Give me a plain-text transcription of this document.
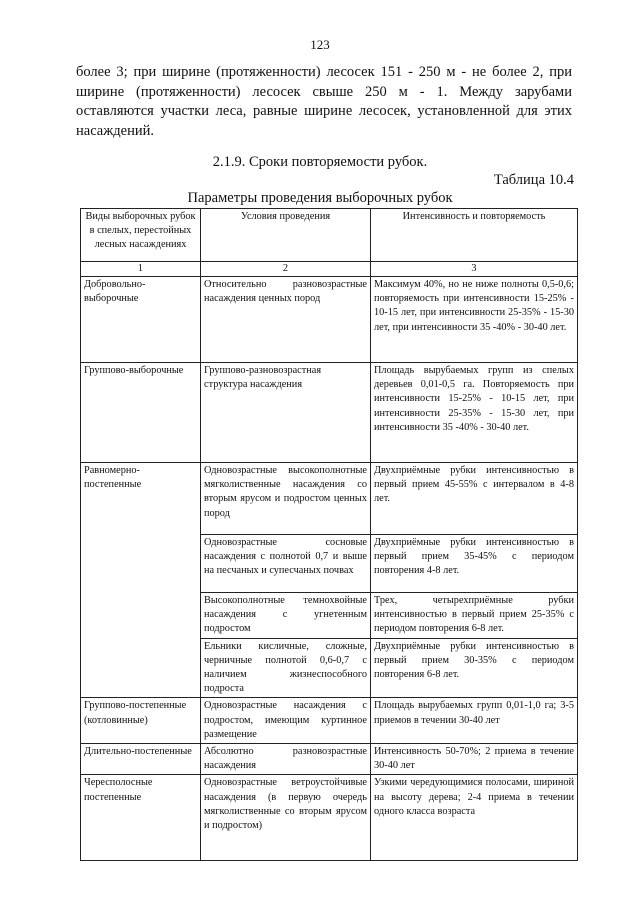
123
более 3; при ширине (протяженности) лесосек 151 - 250 м - не более 2, при ширине (протяженности) лесосек свыше 250 м - 1. Между зарубами оставляются участки леса, равные ширине лесосек, установленной для этих насаждений.
2.1.9. Сроки повторяемости рубок.
Таблица 10.4
Параметры проведения выборочных рубок
Виды выборочных рубок в спелых, перестойных лесных насаждениях	Условия проведения	Интенсивность и повторяемость
1	2	3
Добровольно-выборочные	Относительно разновозрастные насаждения ценных пород	Максимум 40%, но не ниже полноты 0,5-0,6; повторяемость при интенсивности 15-25% - 10-15 лет, при интенсивности 25-35% - 15-30 лет, при интенсивности 35 -40% - 30-40 лет.
Группово-выборочные	Группово-разновозрастная структура насаждения	Площадь вырубаемых групп из спелых деревьев 0,01-0,5 га. Повторяемость при интенсивности 15-25% - 10-15 лет, при интенсивности 25-35% - 15-30 лет, при интенсивности 35 -40% - 30-40 лет.
Равномерно-постепенные	Одновозрастные высокополнотные мягколиственные насаждения со вторым ярусом и подростом ценных пород	Двухприёмные рубки интенсивностью в первый прием 45-55% с интервалом в 4-8 лет.
	Одновозрастные сосновые насаждения с полнотой 0,7 и выше на песчаных и супесчаных почвах	Двухприёмные рубки интенсивностью в первый прием 35-45% с периодом повторения 4-8 лет.
	Высокополнотные темнохвойные насаждения с угнетенным подростом	Трех, четырехприёмные рубки интенсивностью в первый прием 25-35% с периодом повторения 6-8 лет.
	Ельники кисличные, сложные, черничные полнотой 0,6-0,7 с наличием жизнеспособного подроста	Двухприёмные рубки интенсивностью в первый прием 30-35% с периодом повторения 6-8 лет.
Группово-постепенные (котловинные)	Одновозрастные насаждения с подростом, имеющим куртинное размещение	Площадь вырубаемых групп 0,01-1,0 га; 3-5 приемов в течении 30-40 лет
Длительно-постепенные	Абсолютно разновозрастные насаждения	Интенсивность 50-70%; 2 приема в течение 30-40 лет
Чересполосные постепенные	Одновозрастные ветроустойчивые насаждения (в первую очередь мягколиственные со вторым ярусом и подростом)	Узкими чередующимися полосами, шириной на высоту дерева; 2-4 приема в течении одного класса возраста
